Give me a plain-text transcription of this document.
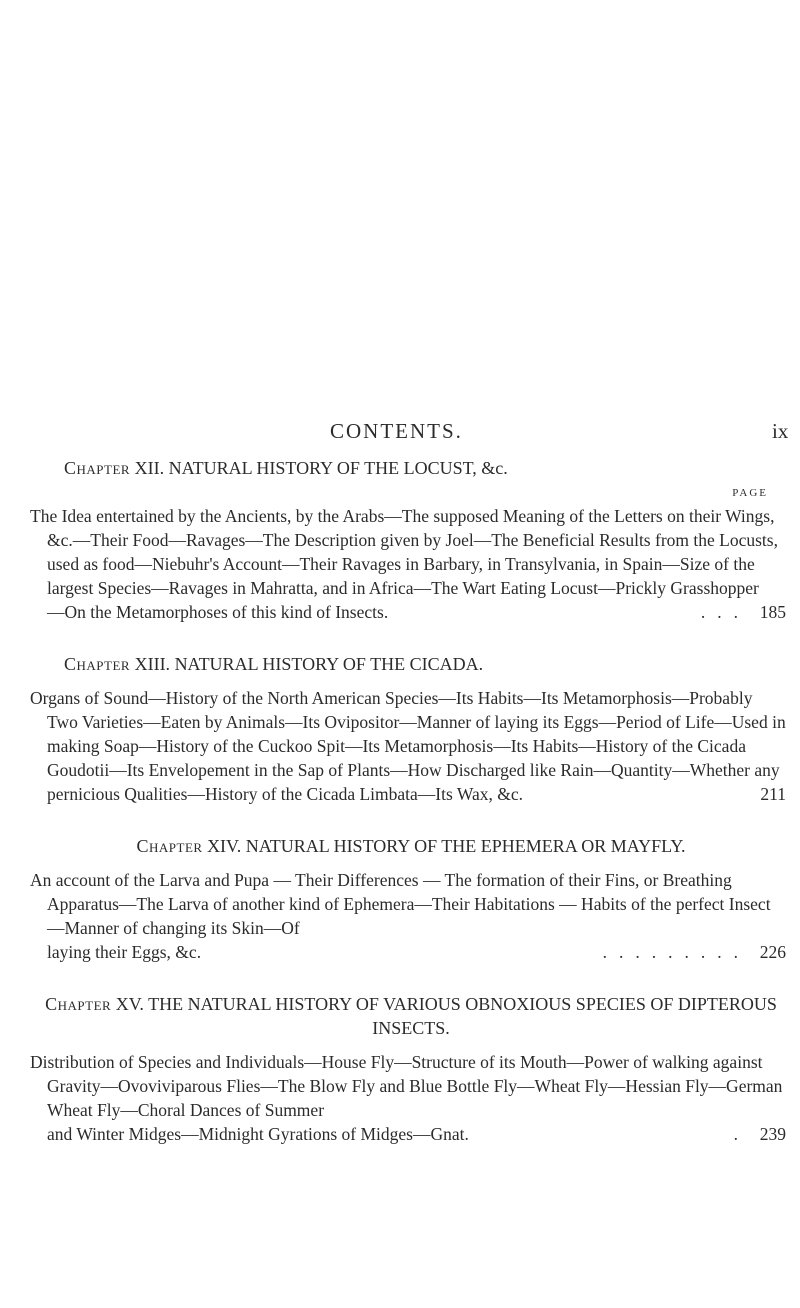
CONTENTS.	ix

Chapter XII. NATURAL HISTORY OF THE LOCUST, &c.

PAGE
The Idea entertained by the Ancients, by the Arabs—The supposed Meaning of the Letters on their Wings, &c.—Their Food—Ravages—The Description given by Joel—The Beneficial Results from the Locusts, used as food—Niebuhr's Account—Their Ravages in Barbary, in Transylvania, in Spain—Size of the largest Species—Ravages in Mahratta, and in Africa—The Wart Eating Locust—Prickly Grasshopper
—On the Metamorphoses of this kind of Insects.	... 185

Chapter XIII. NATURAL HISTORY OF THE CICADA.

Organs of Sound—History of the North American Species—Its Habits—Its Metamorphosis—Probably Two Varieties—Eaten by Animals—Its Ovipositor—Manner of laying its Eggs—Period of Life—Used in making Soap—History of the Cuckoo Spit—Its Metamorphosis—Its Habits—History of the Cicada Goudotii—Its Envelopement in the Sap of Plants—How Discharged like Rain—Quantity—Whether any pernicious Qualities—History of the Cicada Limbata—Its Wax, &c.	211

Chapter XIV. NATURAL HISTORY OF THE EPHEMERA OR MAYFLY.

An account of the Larva and Pupa — Their Differences — The formation of their Fins, or Breathing Apparatus—The Larva of another kind of Ephemera—Their Habitations — Habits of the perfect Insect—Manner of changing its Skin—Of
laying their Eggs, &c.	......... 226

Chapter XV. THE NATURAL HISTORY OF VARIOUS OBNOXIOUS SPECIES OF DIPTEROUS INSECTS.

Distribution of Species and Individuals—House Fly—Structure of its Mouth—Power of walking against Gravity—Ovoviviparous Flies—The Blow Fly and Blue Bottle Fly—Wheat Fly—Hessian Fly—German Wheat Fly—Choral Dances of Summer
and Winter Midges—Midnight Gyrations of Midges—Gnat.	. 239
